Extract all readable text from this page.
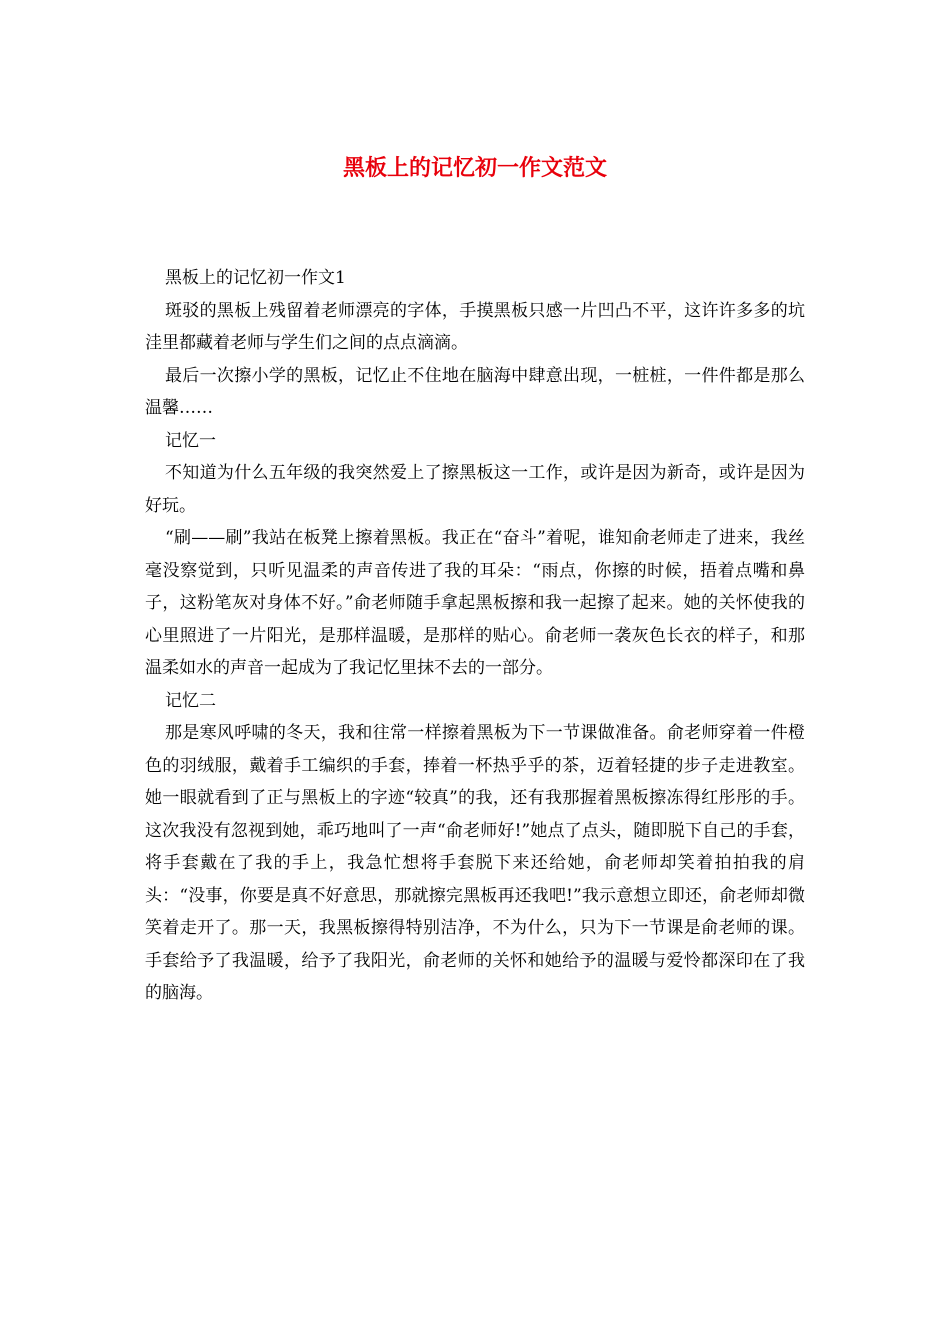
黑板上的记忆初一作文范文

黑板上的记忆初一作文1

斑驳的黑板上残留着老师漂亮的字体，手摸黑板只感一片凹凸不平，这许许多多的坑洼里都藏着老师与学生们之间的点点滴滴。

最后一次擦小学的黑板，记忆止不住地在脑海中肆意出现，一桩桩，一件件都是那么温馨……

记忆一

不知道为什么五年级的我突然爱上了擦黑板这一工作，或许是因为新奇，或许是因为好玩。

“刷——刷”我站在板凳上擦着黑板。我正在“奋斗”着呢，谁知俞老师走了进来，我丝毫没察觉到，只听见温柔的声音传进了我的耳朵：“雨点，你擦的时候，捂着点嘴和鼻子，这粉笔灰对身体不好。”俞老师随手拿起黑板擦和我一起擦了起来。她的关怀使我的心里照进了一片阳光，是那样温暖，是那样的贴心。俞老师一袭灰色长衣的样子，和那温柔如水的声音一起成为了我记忆里抹不去的一部分。

记忆二

那是寒风呼啸的冬天，我和往常一样擦着黑板为下一节课做准备。俞老师穿着一件橙色的羽绒服，戴着手工编织的手套，捧着一杯热乎乎的茶，迈着轻捷的步子走进教室。她一眼就看到了正与黑板上的字迹“较真”的我，还有我那握着黑板擦冻得红彤彤的手。这次我没有忽视到她，乖巧地叫了一声“俞老师好!”她点了点头，随即脱下自己的手套，将手套戴在了我的手上，我急忙想将手套脱下来还给她，俞老师却笑着拍拍我的肩头：“没事，你要是真不好意思，那就擦完黑板再还我吧!”我示意想立即还，俞老师却微笑着走开了。那一天，我黑板擦得特别洁净，不为什么，只为下一节课是俞老师的课。手套给予了我温暖，给予了我阳光，俞老师的关怀和她给予的温暖与爱怜都深印在了我的脑海。
